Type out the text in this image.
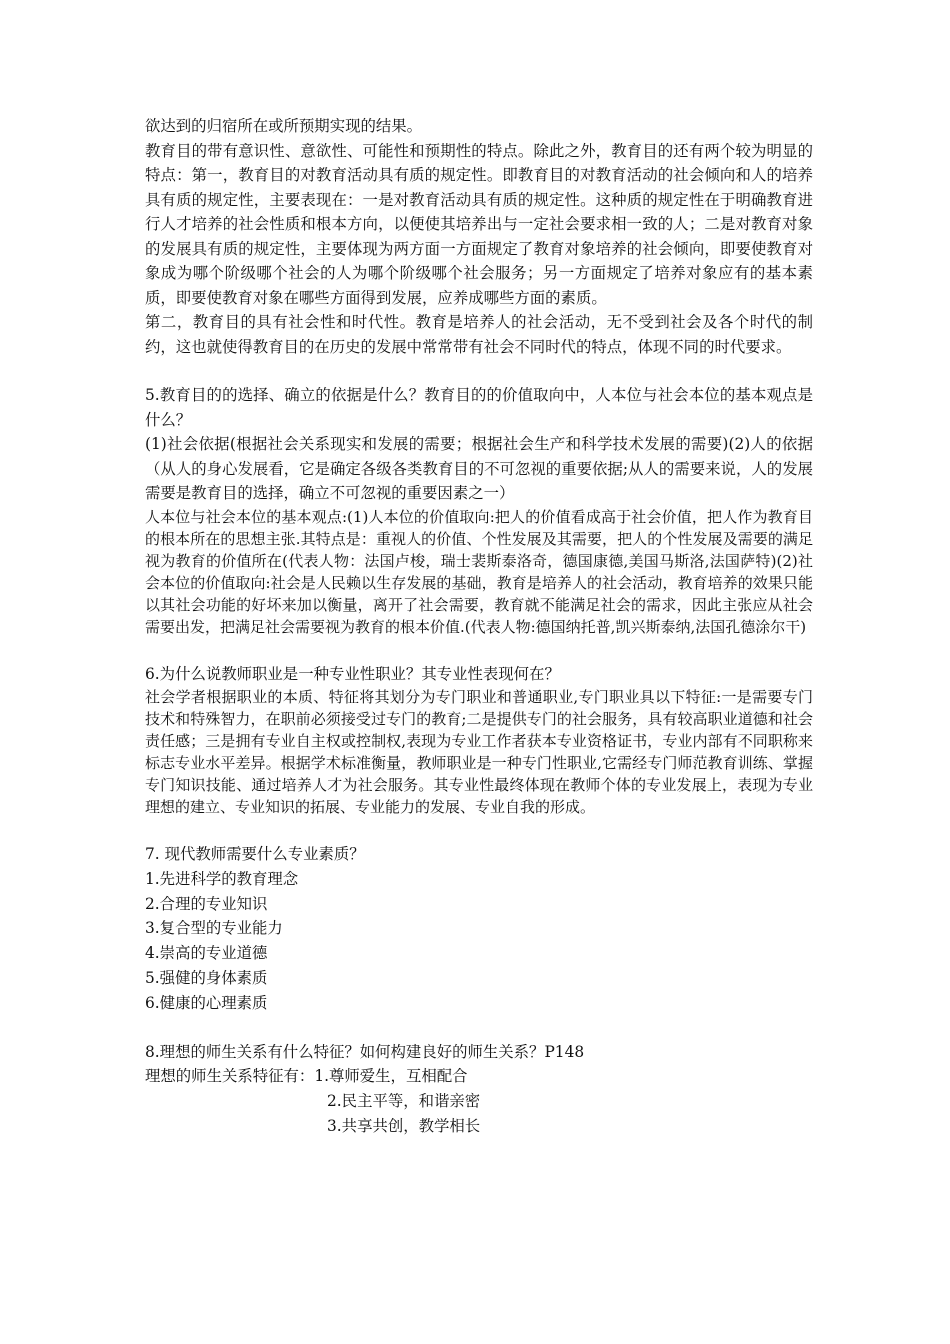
欲达到的归宿所在或所预期实现的结果。

教育目的带有意识性、意欲性、可能性和预期性的特点。除此之外，教育目的还有两个较为明显的特点：第一，教育目的对教育活动具有质的规定性。即教育目的对教育活动的社会倾向和人的培养具有质的规定性，主要表现在：一是对教育活动具有质的规定性。这种质的规定性在于明确教育进行人才培养的社会性质和根本方向，以便使其培养出与一定社会要求相一致的人；二是对教育对象的发展具有质的规定性，主要体现为两方面一方面规定了教育对象培养的社会倾向，即要使教育对象成为哪个阶级哪个社会的人为哪个阶级哪个社会服务；另一方面规定了培养对象应有的基本素质，即要使教育对象在哪些方面得到发展，应养成哪些方面的素质。

第二，教育目的具有社会性和时代性。教育是培养人的社会活动，无不受到社会及各个时代的制约，这也就使得教育目的在历史的发展中常常带有社会不同时代的特点，体现不同的时代要求。

5.教育目的的选择、确立的依据是什么？教育目的的价值取向中，人本位与社会本位的基本观点是什么？

(1)社会依据(根据社会关系现实和发展的需要；根据社会生产和科学技术发展的需要)(2)人的依据（从人的身心发展看，它是确定各级各类教育目的不可忽视的重要依据;从人的需要来说，人的发展需要是教育目的选择，确立不可忽视的重要因素之一）

人本位与社会本位的基本观点:(1)人本位的价值取向:把人的价值看成高于社会价值，把人作为教育目的根本所在的思想主张.其特点是：重视人的价值、个性发展及其需要，把人的个性发展及需要的满足视为教育的价值所在(代表人物：法国卢梭，瑞士裴斯泰洛奇，德国康德,美国马斯洛,法国萨特)(2)社会本位的价值取向:社会是人民赖以生存发展的基础，教育是培养人的社会活动，教育培养的效果只能以其社会功能的好坏来加以衡量，离开了社会需要，教育就不能满足社会的需求，因此主张应从社会需要出发，把满足社会需要视为教育的根本价值.(代表人物:德国纳托普,凯兴斯泰纳,法国孔德涂尔干)

6.为什么说教师职业是一种专业性职业？其专业性表现何在？

社会学者根据职业的本质、特征将其划分为专门职业和普通职业,专门职业具以下特征:一是需要专门技术和特殊智力，在职前必须接受过专门的教育;二是提供专门的社会服务，具有较高职业道德和社会责任感；三是拥有专业自主权或控制权,表现为专业工作者获本专业资格证书，专业内部有不同职称来标志专业水平差异。根据学术标准衡量，教师职业是一种专门性职业,它需经专门师范教育训练、掌握专门知识技能、通过培养人才为社会服务。其专业性最终体现在教师个体的专业发展上，表现为专业理想的建立、专业知识的拓展、专业能力的发展、专业自我的形成。

7. 现代教师需要什么专业素质？

1.先进科学的教育理念

2.合理的专业知识

3.复合型的专业能力

4.崇高的专业道德

5.强健的身体素质

6.健康的心理素质

8.理想的师生关系有什么特征？如何构建良好的师生关系？P148

理想的师生关系特征有：1.尊师爱生，互相配合

2.民主平等，和谐亲密

3.共享共创，教学相长
